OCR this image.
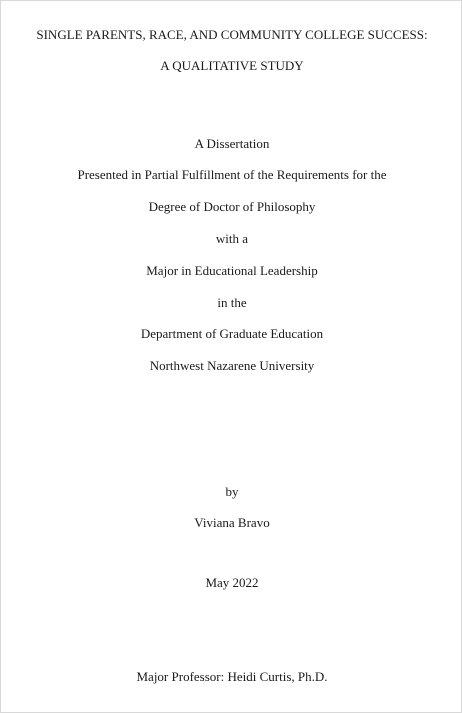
SINGLE PARENTS, RACE, AND COMMUNITY COLLEGE SUCCESS:
A QUALITATIVE STUDY
A Dissertation
Presented in Partial Fulfillment of the Requirements for the
Degree of Doctor of Philosophy
with a
Major in Educational Leadership
in the
Department of Graduate Education
Northwest Nazarene University
by
Viviana Bravo
May 2022
Major Professor: Heidi Curtis, Ph.D.
